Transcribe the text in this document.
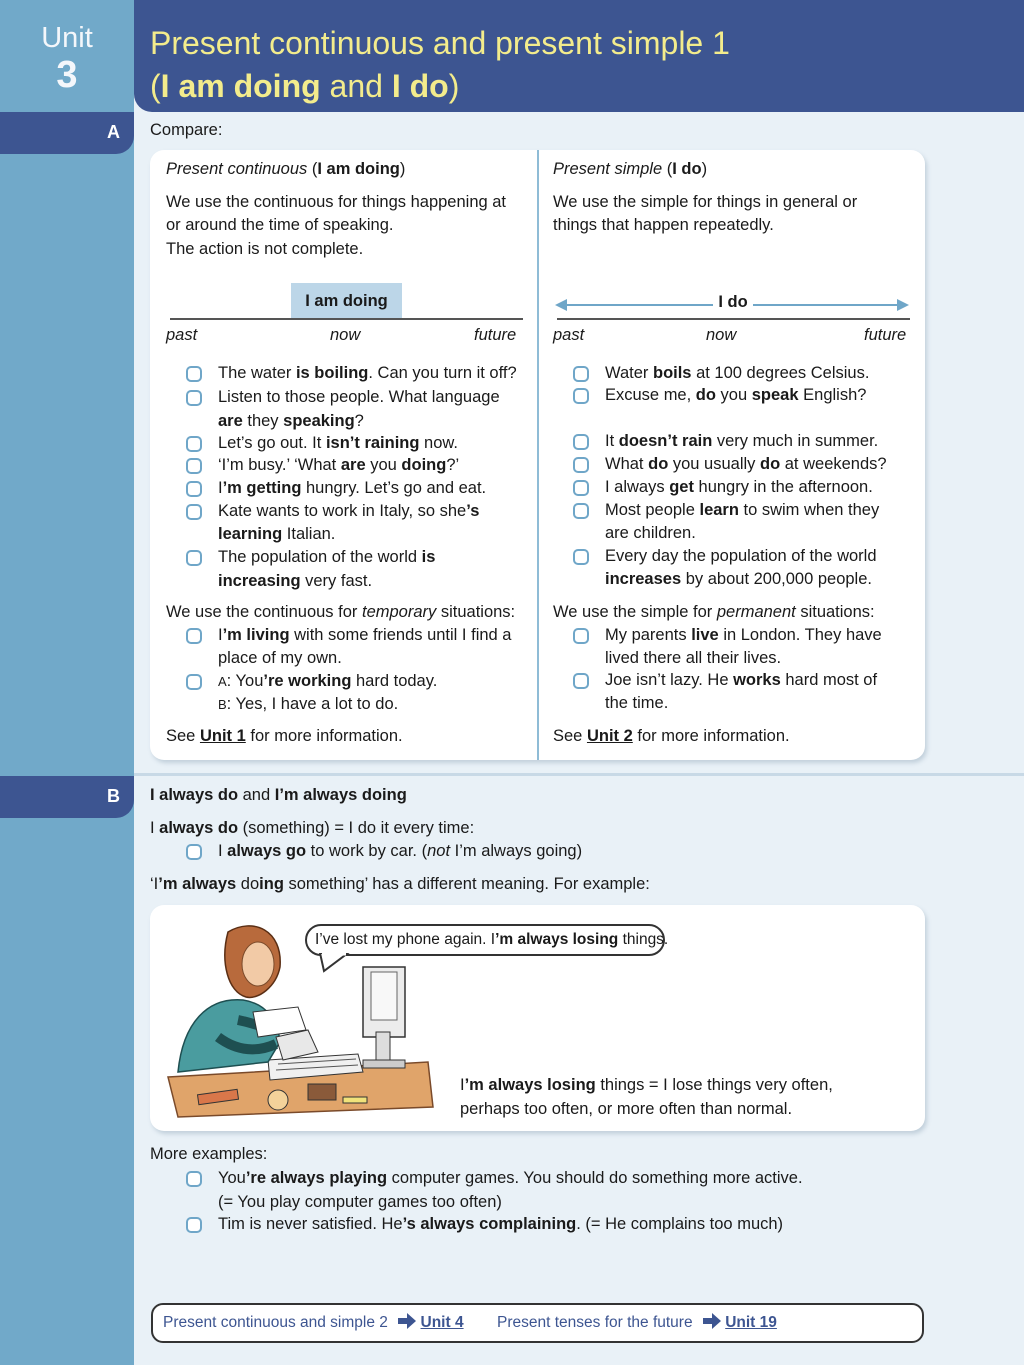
Unit
3
Present continuous and present simple 1
(I am doing and I do)
A	Compare:
Present continuous (I am doing)
We use the continuous for things happening at
or around the time of speaking.
The action is not complete.
I am doing
past	now	future
The water is boiling. Can you turn it off?
Listen to those people. What language
are they speaking?
Let’s go out. It isn’t raining now.
‘I’m busy.’ ‘What are you doing?’
I’m getting hungry. Let’s go and eat.
Kate wants to work in Italy, so she’s
learning Italian.
The population of the world is
increasing very fast.
We use the continuous for temporary situations:
I’m living with some friends until I find a
place of my own.
A: You’re working hard today.
B: Yes, I have a lot to do.
See Unit 1 for more information.
Present simple (I do)
We use the simple for things in general or
things that happen repeatedly.
I do
past	now	future
Water boils at 100 degrees Celsius.
Excuse me, do you speak English?
It doesn’t rain very much in summer.
What do you usually do at weekends?
I always get hungry in the afternoon.
Most people learn to swim when they
are children.
Every day the population of the world
increases by about 200,000 people.
We use the simple for permanent situations:
My parents live in London. They have
lived there all their lives.
Joe isn’t lazy. He works hard most of
the time.
See Unit 2 for more information.
B	I always do and I’m always doing
I always do (something) = I do it every time:
I always go to work by car. (not I’m always going)
‘I’m always doing something’ has a different meaning. For example:
I’ve lost my phone again. I’m always losing things.
I’m always losing things = I lose things very often,
perhaps too often, or more often than normal.
More examples:
You’re always playing computer games. You should do something more active.
(= You play computer games too often)
Tim is never satisfied. He’s always complaining. (= He complains too much)
Present continuous and simple 2 Unit 4 Present tenses for the future Unit 19
